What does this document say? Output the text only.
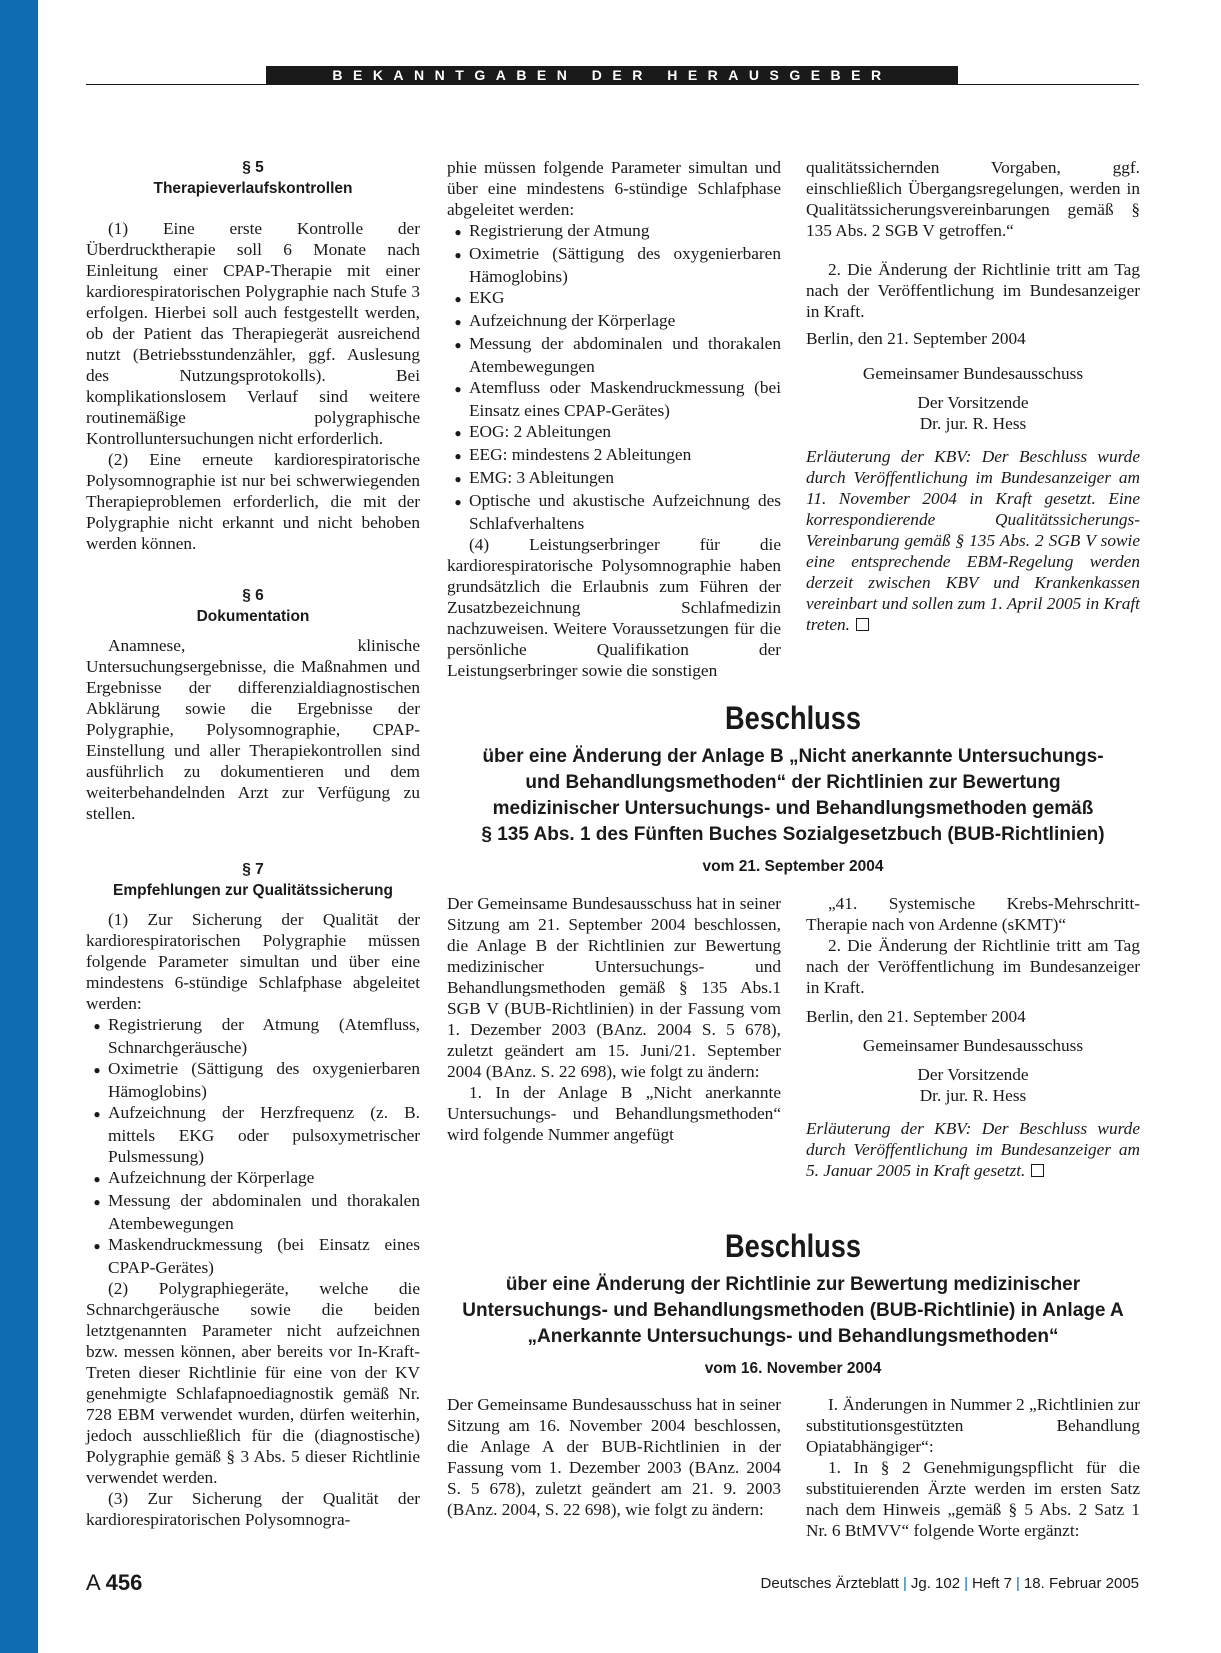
BEKANNTGABEN DER HERAUSGEBER

§ 5

Therapieverlaufskontrollen

(1) Eine erste Kontrolle der Überdrucktherapie soll 6 Monate nach Einleitung einer CPAP-Therapie mit einer kardiorespiratorischen Polygraphie nach Stufe 3 erfolgen. Hierbei soll auch festgestellt werden, ob der Patient das Therapiegerät ausreichend nutzt (Betriebsstundenzähler, ggf. Auslesung des Nutzungsprotokolls). Bei komplikationslosem Verlauf sind weitere routinemäßige polygraphische Kontrolluntersuchungen nicht erforderlich.

(2) Eine erneute kardiorespiratorische Polysomnographie ist nur bei schwerwiegenden Therapieproblemen erforderlich, die mit der Polygraphie nicht erkannt und nicht behoben werden können.

§ 6

Dokumentation

Anamnese, klinische Untersuchungsergebnisse, die Maßnahmen und Ergebnisse der differenzialdiagnostischen Abklärung sowie die Ergebnisse der Polygraphie, Polysomnographie, CPAP-Einstellung und aller Therapiekontrollen sind ausführlich zu dokumentieren und dem weiterbehandelnden Arzt zur Verfügung zu stellen.

§ 7

Empfehlungen zur Qualitätssicherung

(1) Zur Sicherung der Qualität der kardiorespiratorischen Polygraphie müssen folgende Parameter simultan und über eine mindestens 6-stündige Schlafphase abgeleitet werden:

● Registrierung der Atmung (Atemfluss, Schnarchgeräusche)

● Oximetrie (Sättigung des oxygenierbaren Hämoglobins)

● Aufzeichnung der Herzfrequenz (z. B. mittels EKG oder pulsoxymetrischer Pulsmessung)

● Aufzeichnung der Körperlage

● Messung der abdominalen und thorakalen Atembewegungen

● Maskendruckmessung (bei Einsatz eines CPAP-Gerätes)

(2) Polygraphiegeräte, welche die Schnarchgeräusche sowie die beiden letztgenannten Parameter nicht aufzeichnen bzw. messen können, aber bereits vor In-Kraft-Treten dieser Richtlinie für eine von der KV genehmigte Schlafapnoediagnostik gemäß Nr. 728 EBM verwendet wurden, dürfen weiterhin, jedoch ausschließlich für die (diagnostische) Polygraphie gemäß § 3 Abs. 5 dieser Richtlinie verwendet werden.

(3) Zur Sicherung der Qualität der kardiorespiratorischen Polysomnogra-

phie müssen folgende Parameter simultan und über eine mindestens 6-stündige Schlafphase abgeleitet werden:

● Registrierung der Atmung

● Oximetrie (Sättigung des oxygenierbaren Hämoglobins)

● EKG

● Aufzeichnung der Körperlage

● Messung der abdominalen und thorakalen Atembewegungen

● Atemfluss oder Maskendruckmessung (bei Einsatz eines CPAP-Gerätes)

● EOG: 2 Ableitungen

● EEG: mindestens 2 Ableitungen

● EMG: 3 Ableitungen

● Optische und akustische Aufzeichnung des Schlafverhaltens

(4) Leistungserbringer für die kardiorespiratorische Polysomnographie haben grundsätzlich die Erlaubnis zum Führen der Zusatzbezeichnung Schlafmedizin nachzuweisen. Weitere Voraussetzungen für die persönliche Qualifikation der Leistungserbringer sowie die sonstigen

qualitätssichernden Vorgaben, ggf. einschließlich Übergangsregelungen, werden in Qualitätssicherungsvereinbarungen gemäß § 135 Abs. 2 SGB V getroffen.“

2. Die Änderung der Richtlinie tritt am Tag nach der Veröffentlichung im Bundesanzeiger in Kraft.

Berlin, den 21. September 2004

Gemeinsamer Bundesausschuss

Der Vorsitzende

Dr. jur. R. Hess

Erläuterung der KBV: Der Beschluss wurde durch Veröffentlichung im Bundesanzeiger am 11. November 2004 in Kraft gesetzt. Eine korrespondierende Qualitätssicherungs-Vereinbarung gemäß § 135 Abs. 2 SGB V sowie eine entsprechende EBM-Regelung werden derzeit zwischen KBV und Krankenkassen vereinbart und sollen zum 1. April 2005 in Kraft treten.

Beschluss
über eine Änderung der Anlage B „Nicht anerkannte Untersuchungs-
und Behandlungsmethoden“ der Richtlinien zur Bewertung
medizinischer Untersuchungs- und Behandlungsmethoden gemäß
§ 135 Abs. 1 des Fünften Buches Sozialgesetzbuch (BUB-Richtlinien)
vom 21. September 2004

Der Gemeinsame Bundesausschuss hat in seiner Sitzung am 21. September 2004 beschlossen, die Anlage B der Richtlinien zur Bewertung medizinischer Untersuchungs- und Behandlungsmethoden gemäß § 135 Abs.1 SGB V (BUB-Richtlinien) in der Fassung vom 1. Dezember 2003 (BAnz. 2004 S. 5 678), zuletzt geändert am 15. Juni/21. September 2004 (BAnz. S. 22 698), wie folgt zu ändern:

1. In der Anlage B „Nicht anerkannte Untersuchungs- und Behandlungsmethoden“ wird folgende Nummer angefügt

„41. Systemische Krebs-Mehrschritt-Therapie nach von Ardenne (sKMT)“

2. Die Änderung der Richtlinie tritt am Tag nach der Veröffentlichung im Bundesanzeiger in Kraft.

Berlin, den 21. September 2004

Gemeinsamer Bundesausschuss

Der Vorsitzende

Dr. jur. R. Hess

Erläuterung der KBV: Der Beschluss wurde durch Veröffentlichung im Bundesanzeiger am 5. Januar 2005 in Kraft gesetzt.

Beschluss
über eine Änderung der Richtlinie zur Bewertung medizinischer
Untersuchungs- und Behandlungsmethoden (BUB-Richtlinie) in Anlage A
„Anerkannte Untersuchungs- und Behandlungsmethoden“
vom 16. November 2004

Der Gemeinsame Bundesausschuss hat in seiner Sitzung am 16. November 2004 beschlossen, die Anlage A der BUB-Richtlinien in der Fassung vom 1. Dezember 2003 (BAnz. 2004 S. 5 678), zuletzt geändert am 21. 9. 2003 (BAnz. 2004, S. 22 698), wie folgt zu ändern:

I. Änderungen in Nummer 2 „Richtlinien zur substitutionsgestützten Behandlung Opiatabhängiger“:

1. In § 2 Genehmigungspflicht für die substituierenden Ärzte werden im ersten Satz nach dem Hinweis „gemäß § 5 Abs. 2 Satz 1 Nr. 6 BtMVV“ folgende Worte ergänzt:

A 456	Deutsches Ärzteblatt | Jg. 102 | Heft 7 | 18. Februar 2005
